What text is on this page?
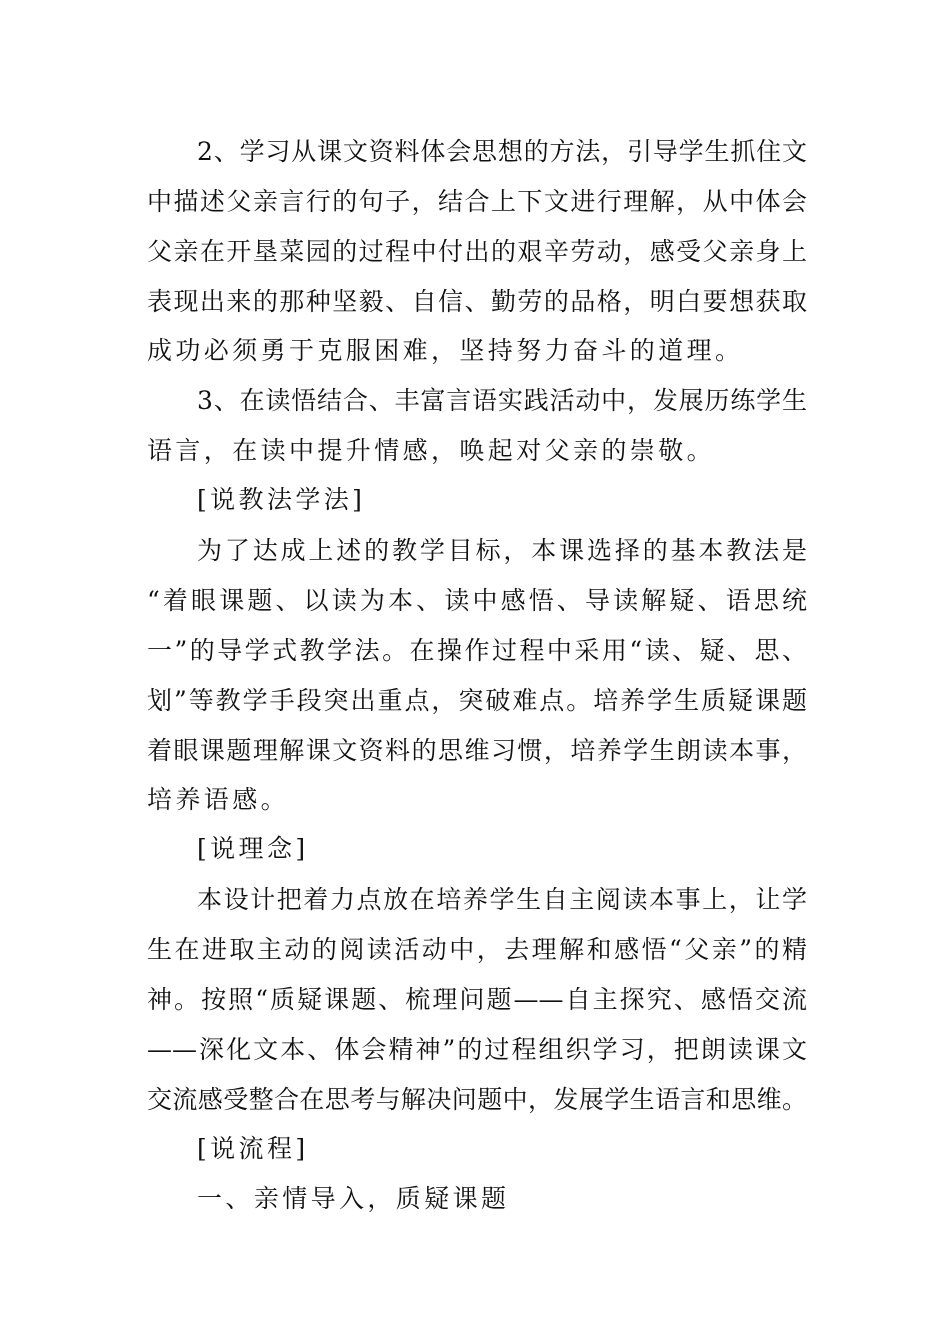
2、学习从课文资料体会思想的方法，引导学生抓住文
中描述父亲言行的句子，结合上下文进行理解，从中体会
父亲在开垦菜园的过程中付出的艰辛劳动，感受父亲身上
表现出来的那种坚毅、自信、勤劳的品格，明白要想获取
成功必须勇于克服困难，坚持努力奋斗的道理。
3、在读悟结合、丰富言语实践活动中，发展历练学生
语言，在读中提升情感，唤起对父亲的崇敬。
[说教法学法]
为了达成上述的教学目标，本课选择的基本教法是
“着眼课题、以读为本、读中感悟、导读解疑、语思统
一”的导学式教学法。在操作过程中采用“读、疑、思、
划”等教学手段突出重点，突破难点。培养学生质疑课题
着眼课题理解课文资料的思维习惯，培养学生朗读本事，
培养语感。
[说理念]
本设计把着力点放在培养学生自主阅读本事上，让学
生在进取主动的阅读活动中，去理解和感悟“父亲”的精
神。按照“质疑课题、梳理问题——自主探究、感悟交流
——深化文本、体会精神”的过程组织学习，把朗读课文
交流感受整合在思考与解决问题中，发展学生语言和思维。
[说流程]
一、亲情导入，质疑课题
